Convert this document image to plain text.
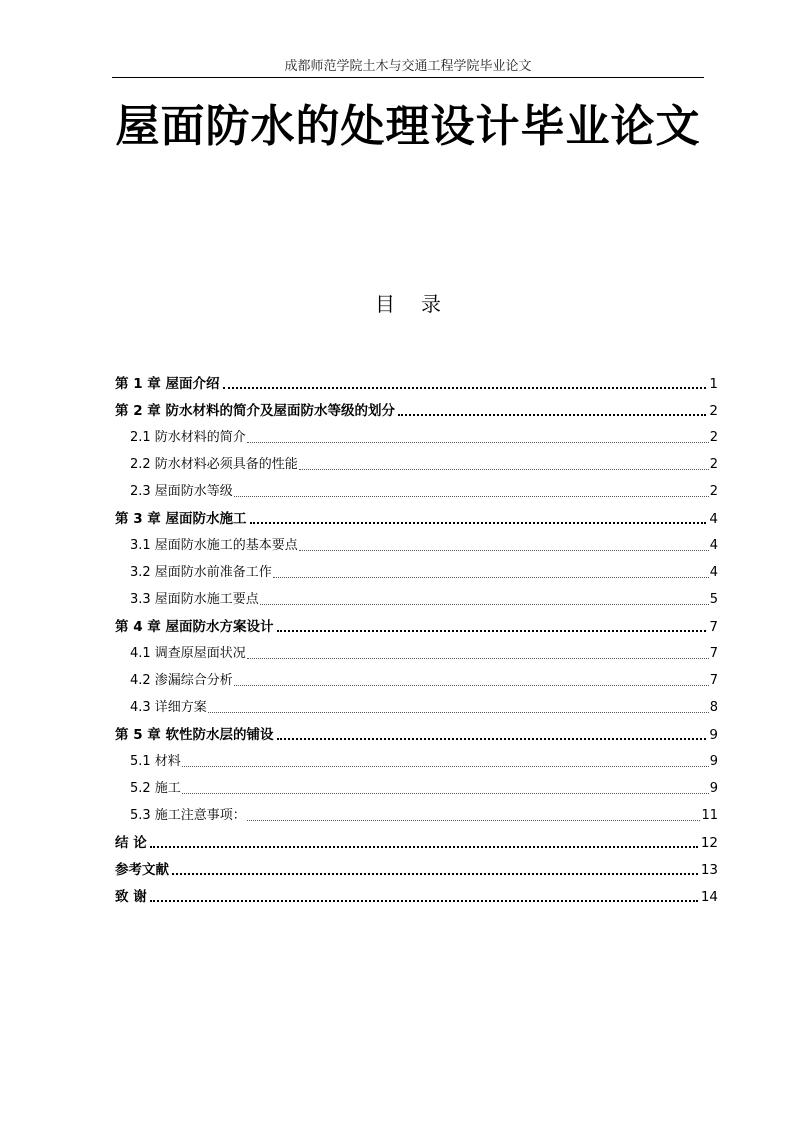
成都师范学院土木与交通工程学院毕业论文
屋面防水的处理设计毕业论文
目录
第 1 章 屋面介绍	1
第 2 章 防水材料的简介及屋面防水等级的划分	2
2.1 防水材料的简介	2
2.2 防水材料必须具备的性能	2
2.3 屋面防水等级	2
第 3 章 屋面防水施工	4
3.1 屋面防水施工的基本要点	4
3.2 屋面防水前准备工作	4
3.3 屋面防水施工要点	5
第 4 章 屋面防水方案设计	7
4.1 调查原屋面状况	7
4.2 渗漏综合分析	7
4.3 详细方案	8
第 5 章 软性防水层的铺设	9
5.1 材料	9
5.2 施工	9
5.3 施工注意事项：	11
结 论	12
参考文献	13
致 谢	14
